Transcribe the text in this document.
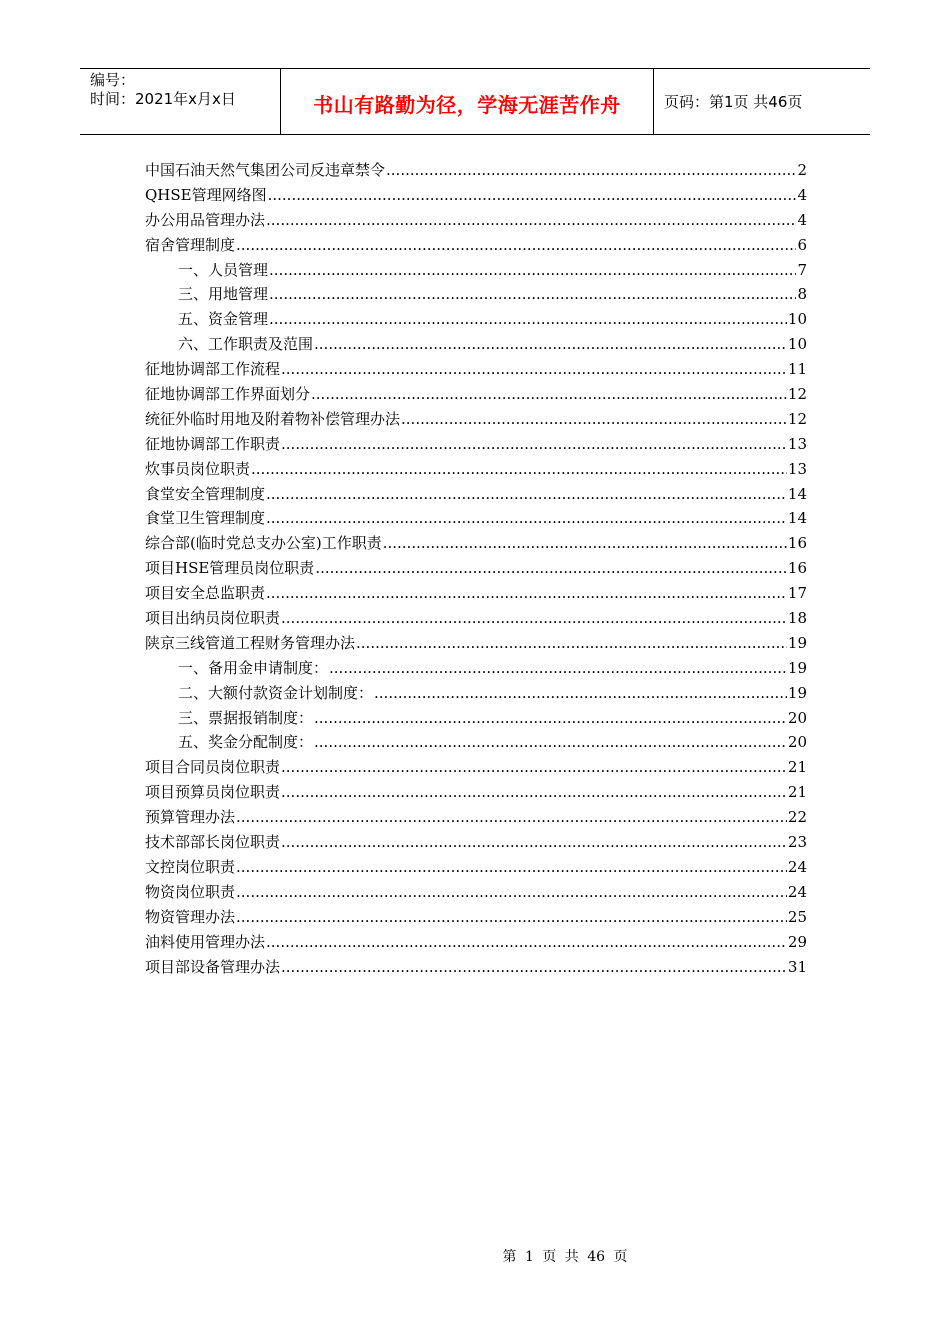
编号：
时间：2021年x月x日	书山有路勤为径，学海无涯苦作舟	页码：第1页 共46页
中国石油天然气集团公司反违章禁令 .....	2
QHSE管理网络图 .....	4
办公用品管理办法 .....	4
宿舍管理制度 .....	6
一、人员管理 .....	7
三、用地管理 .....	8
五、资金管理 .....	10
六、工作职责及范围 .....	10
征地协调部工作流程 .....	11
征地协调部工作界面划分 .....	12
统征外临时用地及附着物补偿管理办法 .....	12
征地协调部工作职责 .....	13
炊事员岗位职责 .....	13
食堂安全管理制度 .....	14
食堂卫生管理制度 .....	14
综合部(临时党总支办公室)工作职责 .....	16
项目HSE管理员岗位职责 .....	16
项目安全总监职责 .....	17
项目出纳员岗位职责 .....	18
陕京三线管道工程财务管理办法 .....	19
一、备用金申请制度： .....	19
二、大额付款资金计划制度： .....	19
三、票据报销制度： .....	20
五、奖金分配制度： .....	20
项目合同员岗位职责 .....	21
项目预算员岗位职责 .....	21
预算管理办法 .....	22
技术部部长岗位职责 .....	23
文控岗位职责 .....	24
物资岗位职责 .....	24
物资管理办法 .....	25
油料使用管理办法 .....	29
项目部设备管理办法 .....	31
第 1 页 共 46 页
